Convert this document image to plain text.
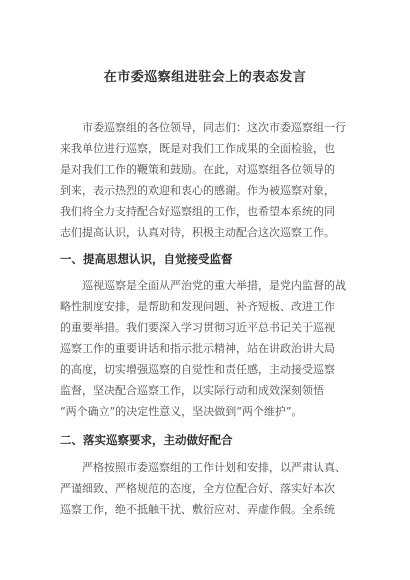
在市委巡察组进驻会上的表态发言
市委巡察组的各位领导，同志们：这次市委巡察组一行
来我单位进行巡察，既是对我们工作成果的全面检验，也
是对我们工作的鞭策和鼓励。在此，对巡察组各位领导的
到来，表示热烈的欢迎和衷心的感谢。作为被巡察对象，
我们将全力支持配合好巡察组的工作，也希望本系统的同
志们提高认识，认真对待，积极主动配合这次巡察工作。
一、提高思想认识，自觉接受监督
巡视巡察是全面从严治党的重大举措，是党内监督的战
略性制度安排，是帮助和发现问题、补齐短板、改进工作
的重要举措。我们要深入学习贯彻习近平总书记关于巡视
巡察工作的重要讲话和指示批示精神，站在讲政治讲大局
的高度，切实增强巡察的自觉性和责任感，主动接受巡察
监督，坚决配合巡察工作，以实际行动和成效深刻领悟
“两个确立”的决定性意义，坚决做到“两个维护”。
二、落实巡察要求，主动做好配合
严格按照市委巡察组的工作计划和安排，以严肃认真、
严谨细致、严格规范的态度，全方位配合好、落实好本次
巡察工作，绝不抵触干扰、敷衍应对、弄虚作假。全系统
